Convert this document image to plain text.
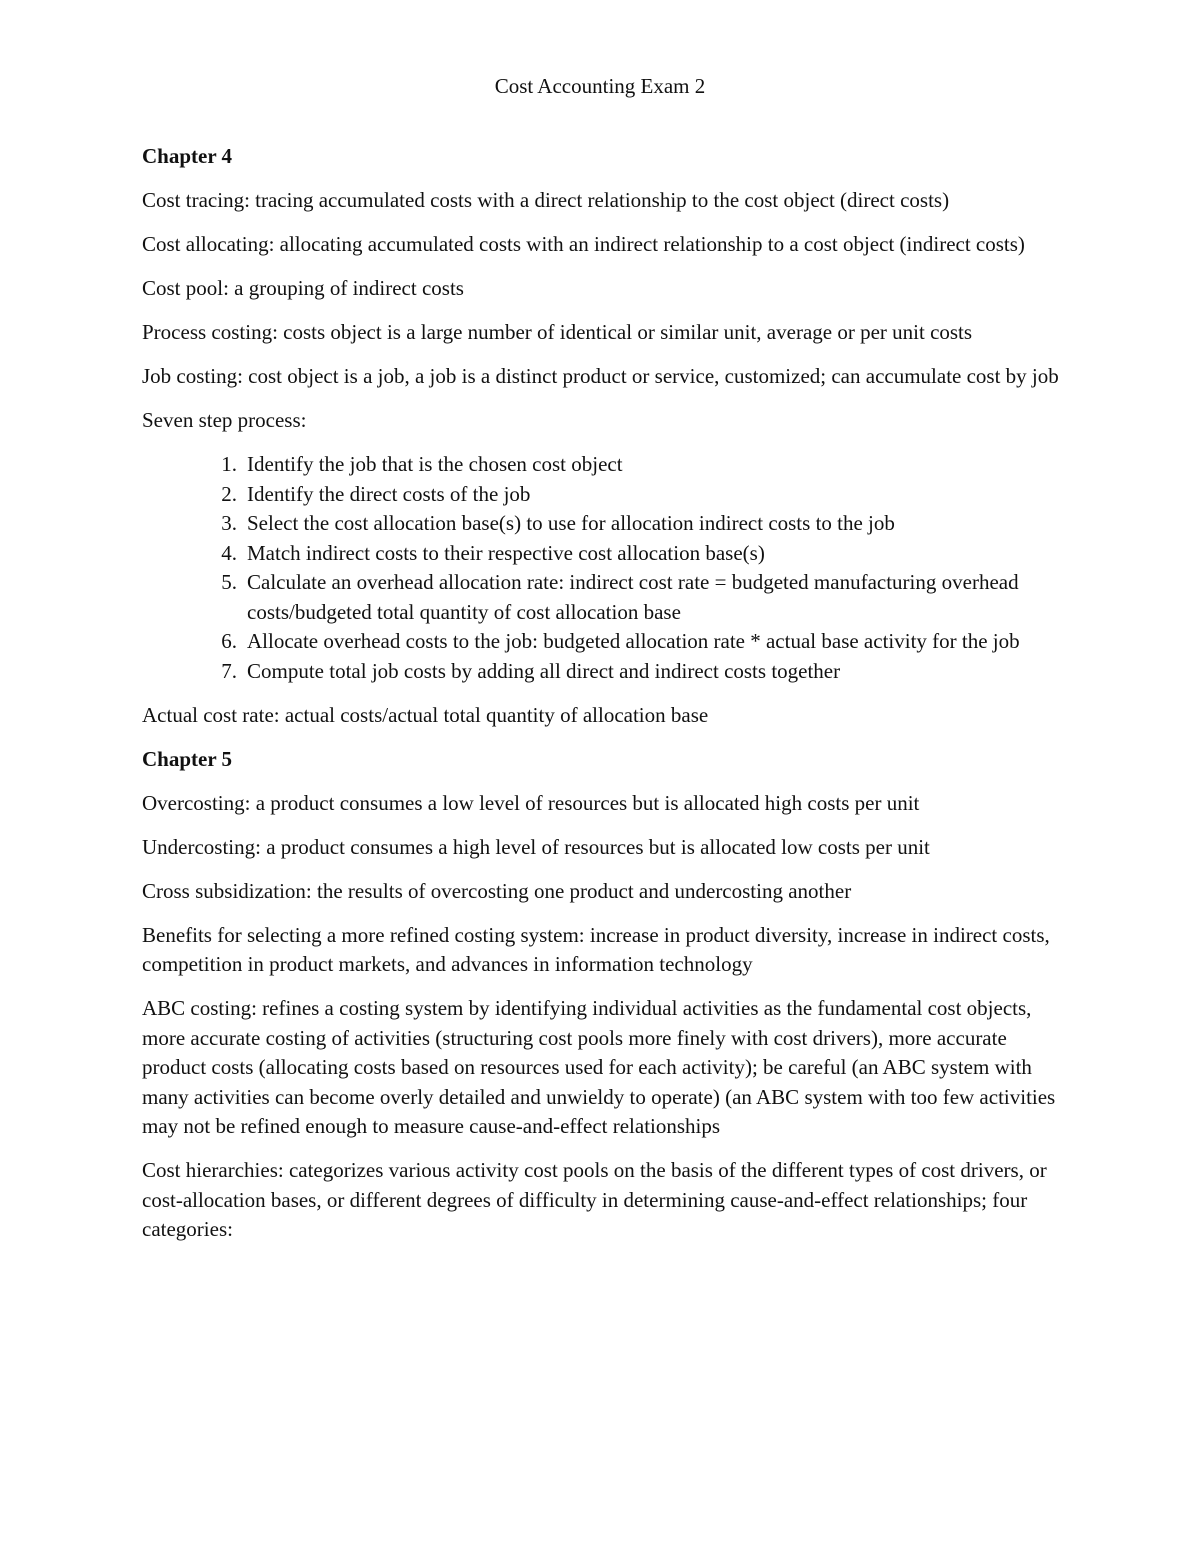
Cost Accounting Exam 2
Chapter 4

Cost tracing: tracing accumulated costs with a direct relationship to the cost object (direct costs)

Cost allocating: allocating accumulated costs with an indirect relationship to a cost object (indirect costs)

Cost pool: a grouping of indirect costs

Process costing: costs object is a large number of identical or similar unit, average or per unit costs

Job costing: cost object is a job, a job is a distinct product or service, customized; can accumulate cost by job

Seven step process:

1. Identify the job that is the chosen cost object
2. Identify the direct costs of the job
3. Select the cost allocation base(s) to use for allocation indirect costs to the job
4. Match indirect costs to their respective cost allocation base(s)
5. Calculate an overhead allocation rate: indirect cost rate = budgeted manufacturing overhead costs/budgeted total quantity of cost allocation base
6. Allocate overhead costs to the job: budgeted allocation rate * actual base activity for the job
7. Compute total job costs by adding all direct and indirect costs together

Actual cost rate: actual costs/actual total quantity of allocation base

Chapter 5

Overcosting: a product consumes a low level of resources but is allocated high costs per unit

Undercosting: a product consumes a high level of resources but is allocated low costs per unit

Cross subsidization: the results of overcosting one product and undercosting another

Benefits for selecting a more refined costing system: increase in product diversity, increase in indirect costs, competition in product markets, and advances in information technology

ABC costing: refines a costing system by identifying individual activities as the fundamental cost objects, more accurate costing of activities (structuring cost pools more finely with cost drivers), more accurate product costs (allocating costs based on resources used for each activity); be careful (an ABC system with many activities can become overly detailed and unwieldy to operate) (an ABC system with too few activities may not be refined enough to measure cause-and-effect relationships

Cost hierarchies: categorizes various activity cost pools on the basis of the different types of cost drivers, or cost-allocation bases, or different degrees of difficulty in determining cause-and-effect relationships; four categories:
